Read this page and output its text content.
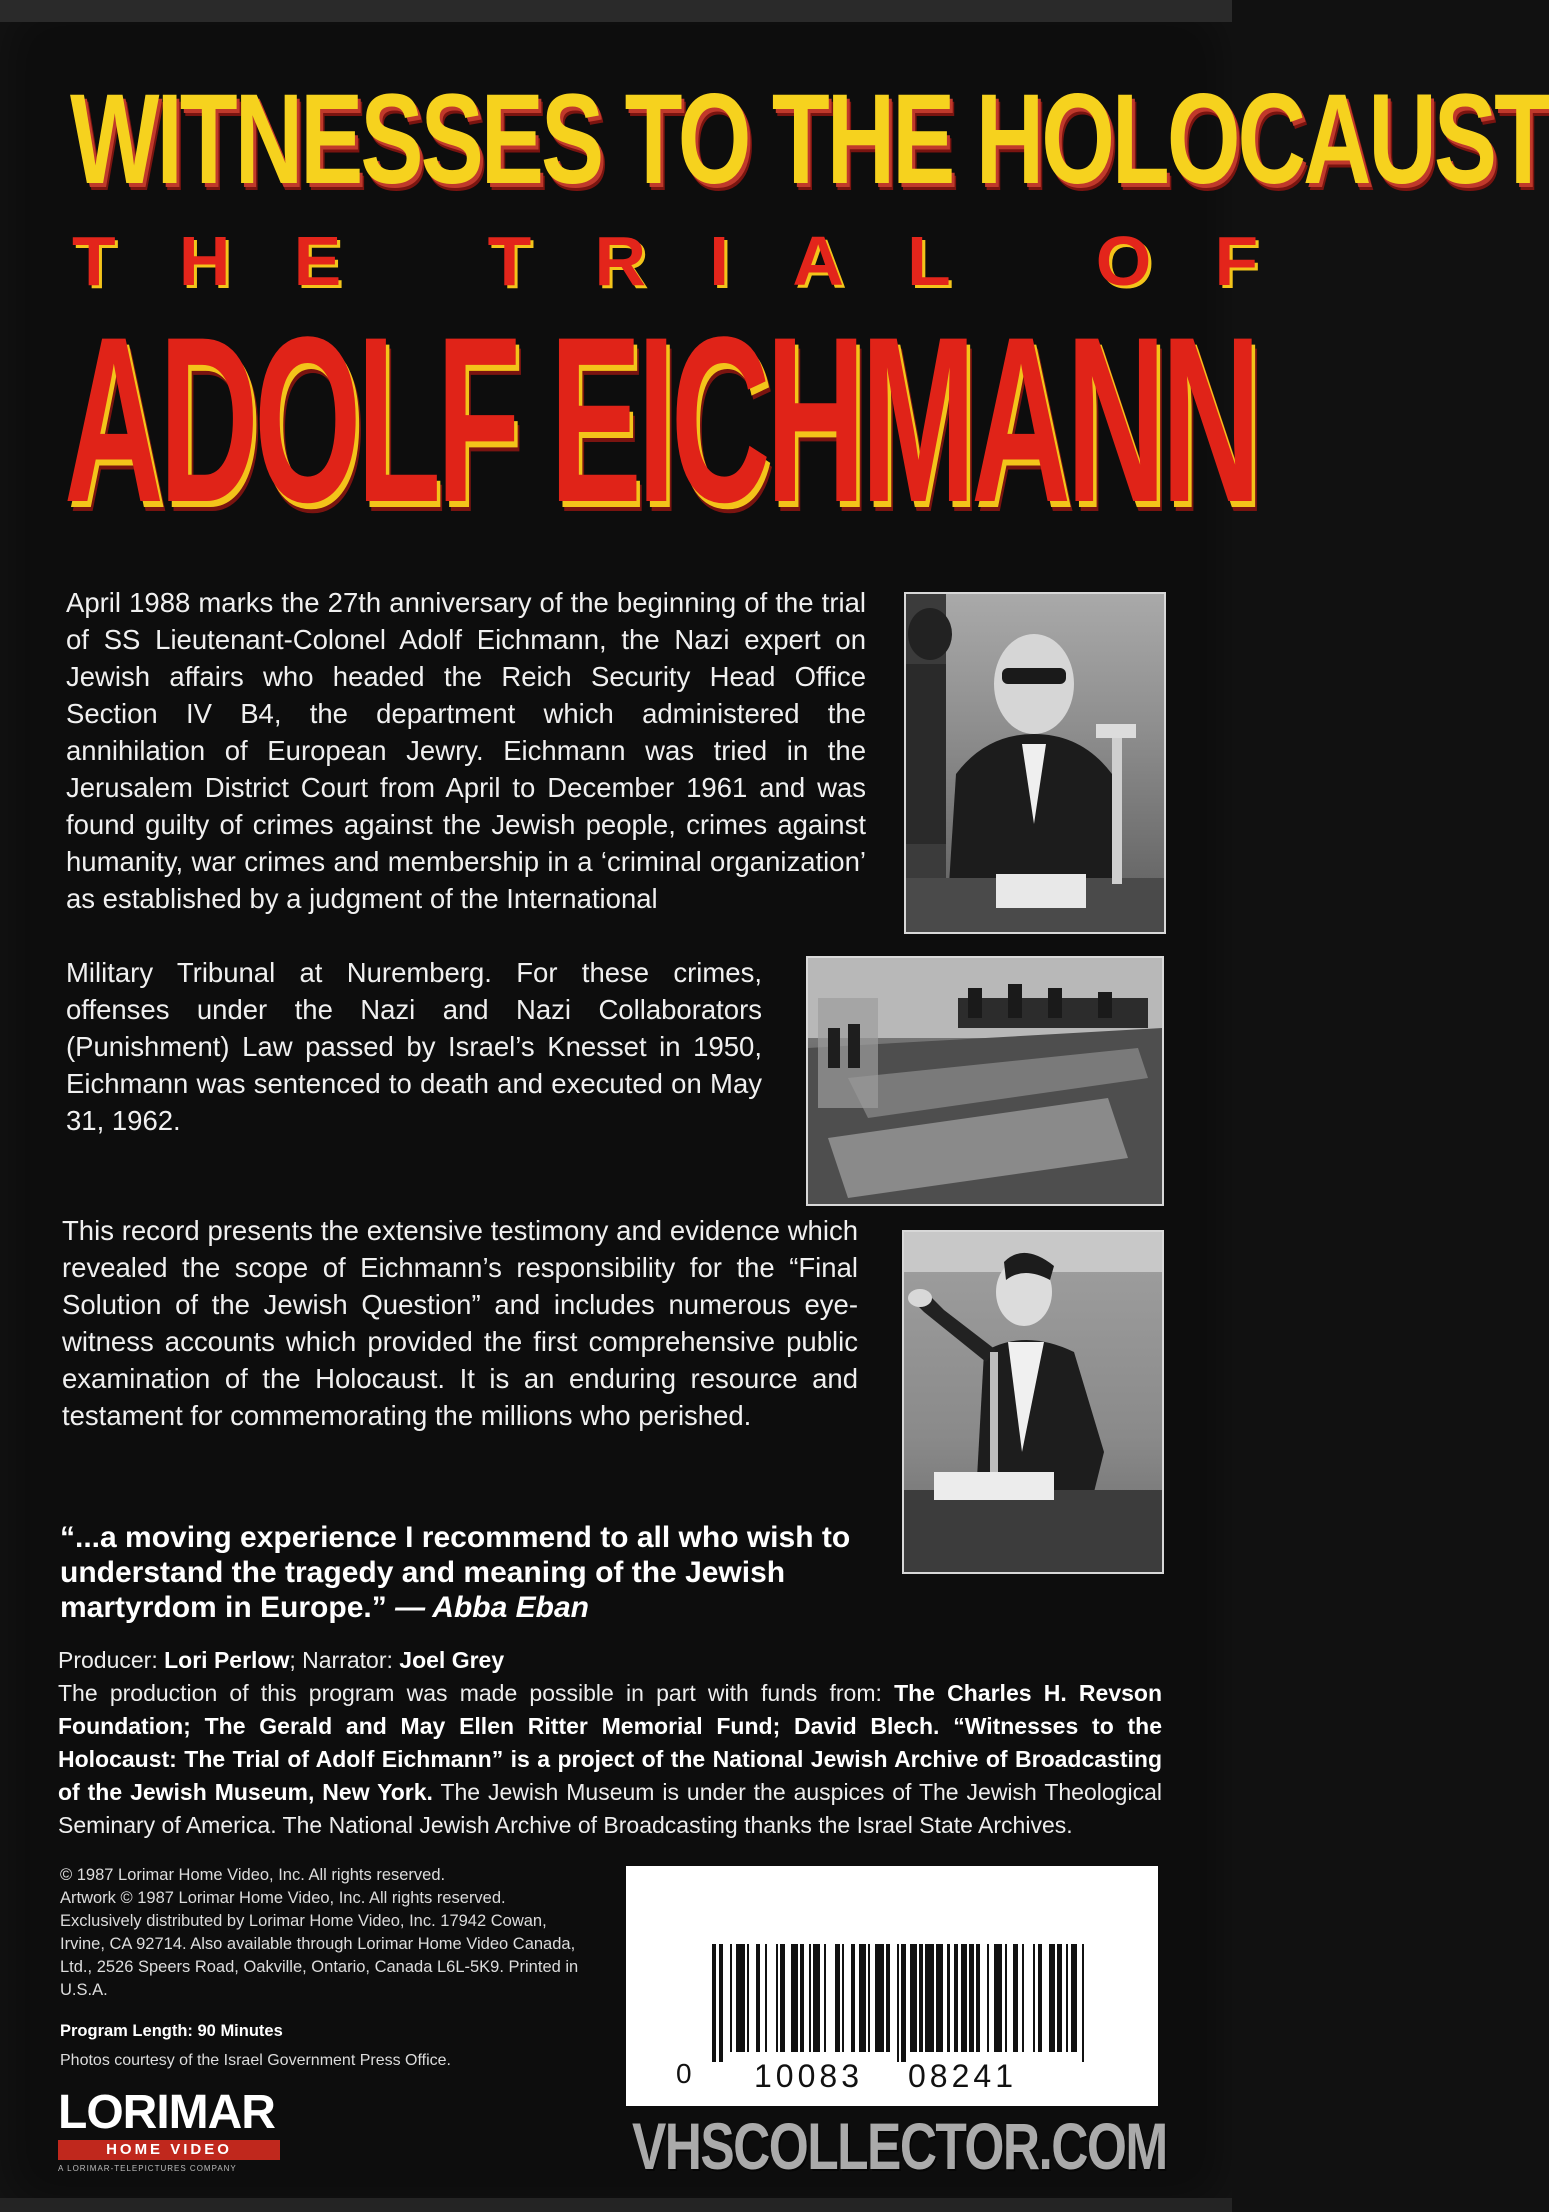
WITNESSES TO THE HOLOCAUST
THE TRIAL OF
ADOLF EICHMANN

April 1988 marks the 27th anniversary of the beginning of the trial of SS Lieutenant-Colonel Adolf Eichmann, the Nazi expert on Jewish affairs who headed the Reich Security Head Office Section IV B4, the department which administered the annihilation of European Jewry. Eichmann was tried in the Jerusalem District Court from April to December 1961 and was found guilty of crimes against the Jewish people, crimes against humanity, war crimes and membership in a ‘criminal organization’ as established by a judgment of the International

Military Tribunal at Nuremberg. For these crimes, offenses under the Nazi and Nazi Collaborators (Punishment) Law passed by Israel’s Knesset in 1950, Eichmann was sentenced to death and executed on May 31, 1962.

This record presents the extensive testimony and evidence which revealed the scope of Eichmann’s responsibility for the “Final Solution of the Jewish Question” and includes numerous eye-witness accounts which provided the first comprehensive public examination of the Holocaust. It is an enduring resource and testament for commemorating the millions who perished.

“...a moving experience I recommend to all who wish to understand the tragedy and meaning of the Jewish martyrdom in Europe.” — Abba Eban

Producer: Lori Perlow; Narrator: Joel Grey
The production of this program was made possible in part with funds from: The Charles H. Revson Foundation; The Gerald and May Ellen Ritter Memorial Fund; David Blech. “Witnesses to the Holocaust: The Trial of Adolf Eichmann” is a project of the National Jewish Archive of Broadcasting of the Jewish Museum, New York. The Jewish Museum is under the auspices of The Jewish Theological Seminary of America. The National Jewish Archive of Broadcasting thanks the Israel State Archives.

© 1987 Lorimar Home Video, Inc. All rights reserved.
Artwork © 1987 Lorimar Home Video, Inc. All rights reserved.
Exclusively distributed by Lorimar Home Video, Inc. 17942 Cowan, Irvine, CA 92714. Also available through Lorimar Home Video Canada, Ltd., 2526 Speers Road, Oakville, Ontario, Canada L6L-5K9. Printed in U.S.A.

Program Length: 90 Minutes
Photos courtesy of the Israel Government Press Office.
LORIMAR
HOME VIDEO
A LORIMAR-TELEPICTURES COMPANY
0 10083 08241
VHSCOLLECTOR.COM
